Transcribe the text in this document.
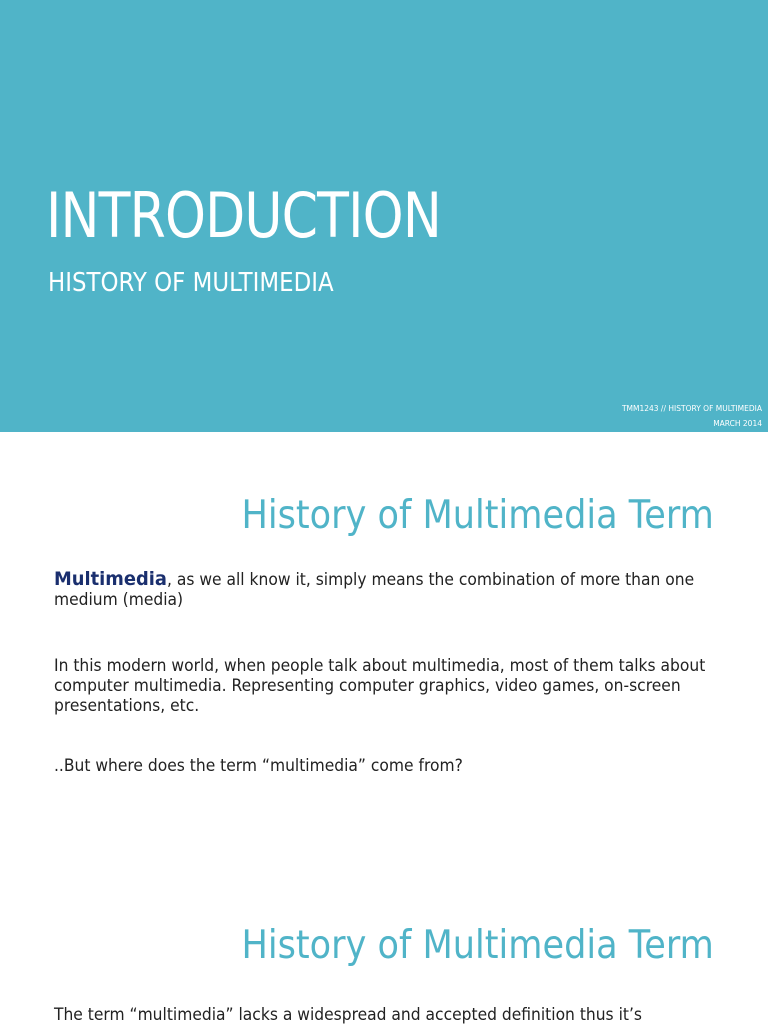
INTRODUCTION
HISTORY OF MULTIMEDIA
TMM1243 // HISTORY OF MULTIMEDIA
MARCH 2014
History of Multimedia Term
Multimedia, as we all know it, simply means the combination of more than one medium (media)
In this modern world, when people talk about multimedia, most of them talks about computer multimedia. Representing computer graphics, video games, on-screen presentations, etc.
..But where does the term “multimedia” come from?
History of Multimedia Term
The term “multimedia” lacks a widespread and accepted definition thus it’s
